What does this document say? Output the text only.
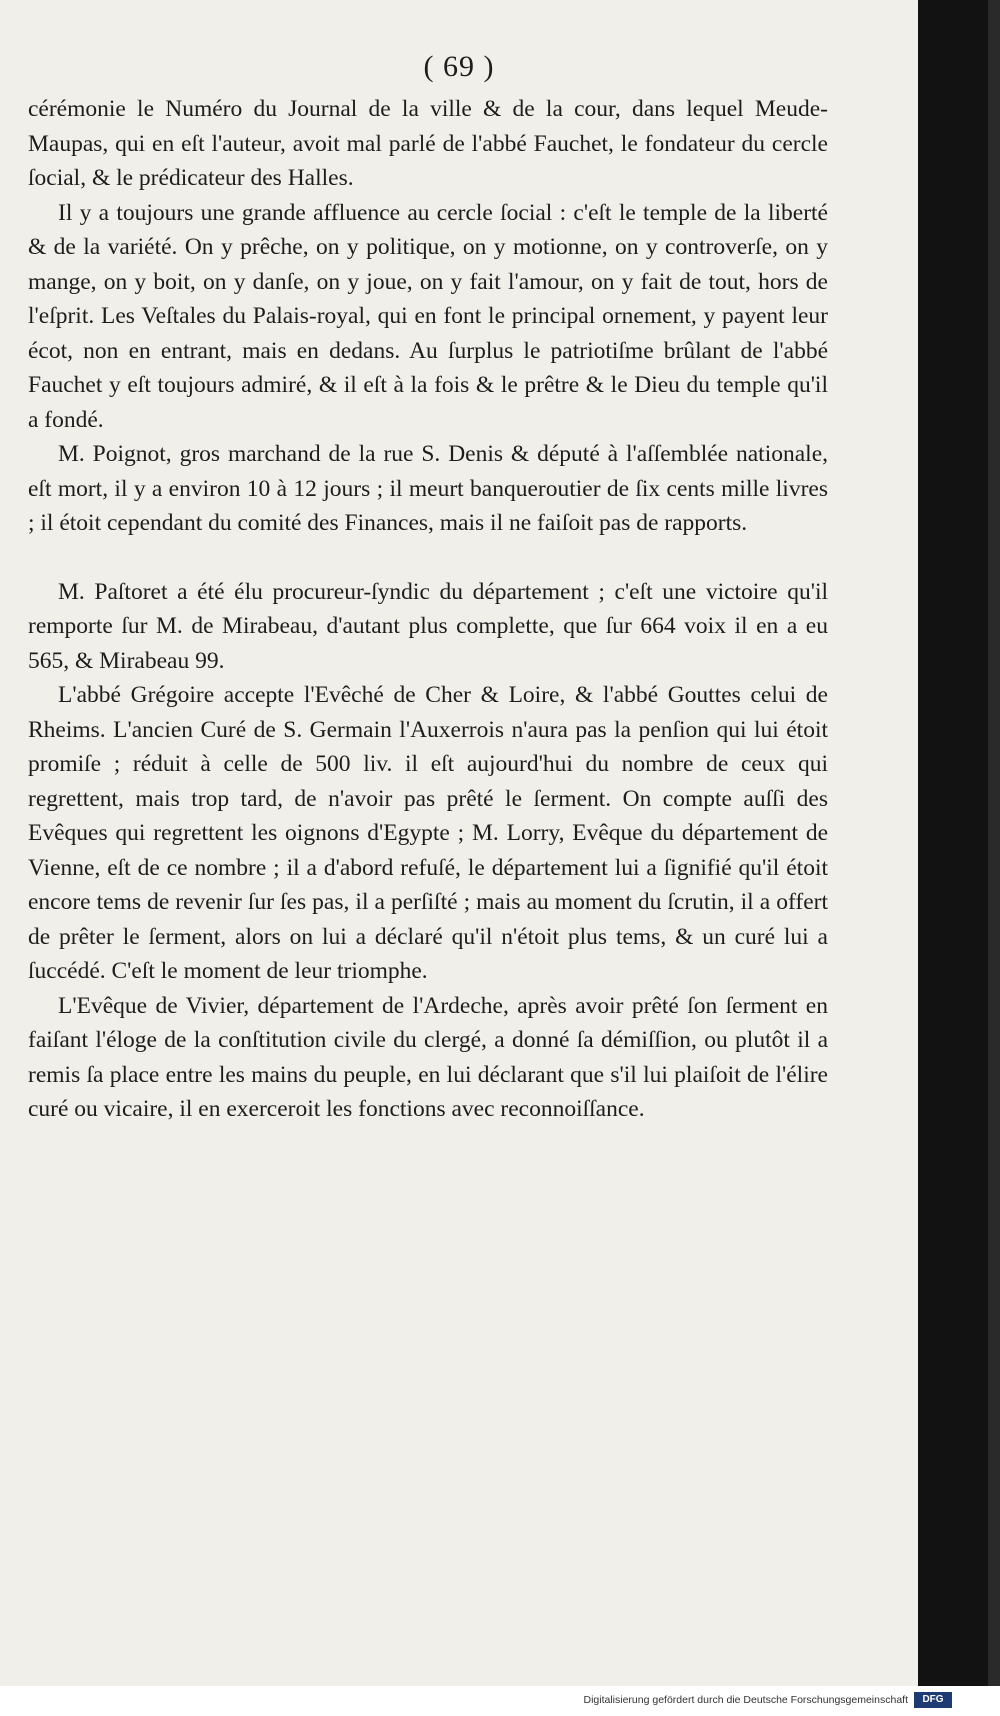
( 69 )

cérémonie le Numéro du Journal de la ville & de la cour, dans lequel Meude-Maupas, qui en eſt l'auteur, avoit mal parlé de l'abbé Fauchet, le fondateur du cercle ſocial, & le prédicateur des Halles.

Il y a toujours une grande affluence au cercle ſocial : c'eſt le temple de la liberté & de la variété. On y prêche, on y politique, on y motionne, on y controverſe, on y mange, on y boit, on y danſe, on y joue, on y fait l'amour, on y fait de tout, hors de l'eſprit. Les Veſtales du Palais-royal, qui en font le principal ornement, y payent leur écot, non en entrant, mais en dedans. Au ſurplus le patriotiſme brûlant de l'abbé Fauchet y eſt toujours admiré, & il eſt à la fois & le prêtre & le Dieu du temple qu'il a fondé.

M. Poignot, gros marchand de la rue S. Denis & député à l'aſſemblée nationale, eſt mort, il y a environ 10 à 12 jours ; il meurt banqueroutier de ſix cents mille livres ; il étoit cependant du comité des Finances, mais il ne faiſoit pas de rapports.

M. Paſtoret a été élu procureur-ſyndic du département ; c'eſt une victoire qu'il remporte ſur M. de Mirabeau, d'autant plus complette, que ſur 664 voix il en a eu 565, & Mirabeau 99.

L'abbé Grégoire accepte l'Evêché de Cher & Loire, & l'abbé Gouttes celui de Rheims. L'ancien Curé de S. Germain l'Auxerrois n'aura pas la penſion qui lui étoit promiſe ; réduit à celle de 500 liv. il eſt aujourd'hui du nombre de ceux qui regrettent, mais trop tard, de n'avoir pas prêté le ſerment. On compte auſſi des Evêques qui regrettent les oignons d'Egypte ; M. Lorry, Evêque du département de Vienne, eſt de ce nombre ; il a d'abord refuſé, le département lui a ſignifié qu'il étoit encore tems de revenir ſur ſes pas, il a perſiſté ; mais au moment du ſcrutin, il a offert de prêter le ſerment, alors on lui a déclaré qu'il n'étoit plus tems, & un curé lui a ſuccédé. C'eſt le moment de leur triomphe.

L'Evêque de Vivier, département de l'Ardeche, après avoir prêté ſon ſerment en faiſant l'éloge de la conſtitution civile du clergé, a donné ſa démiſſion, ou plutôt il a remis ſa place entre les mains du peuple, en lui déclarant que s'il lui plaiſoit de l'élire curé ou vicaire, il en exerceroit les fonctions avec reconnoiſſance.

Digitalisierung gefördert durch die Deutsche Forschungsgemeinschaft	DFG
